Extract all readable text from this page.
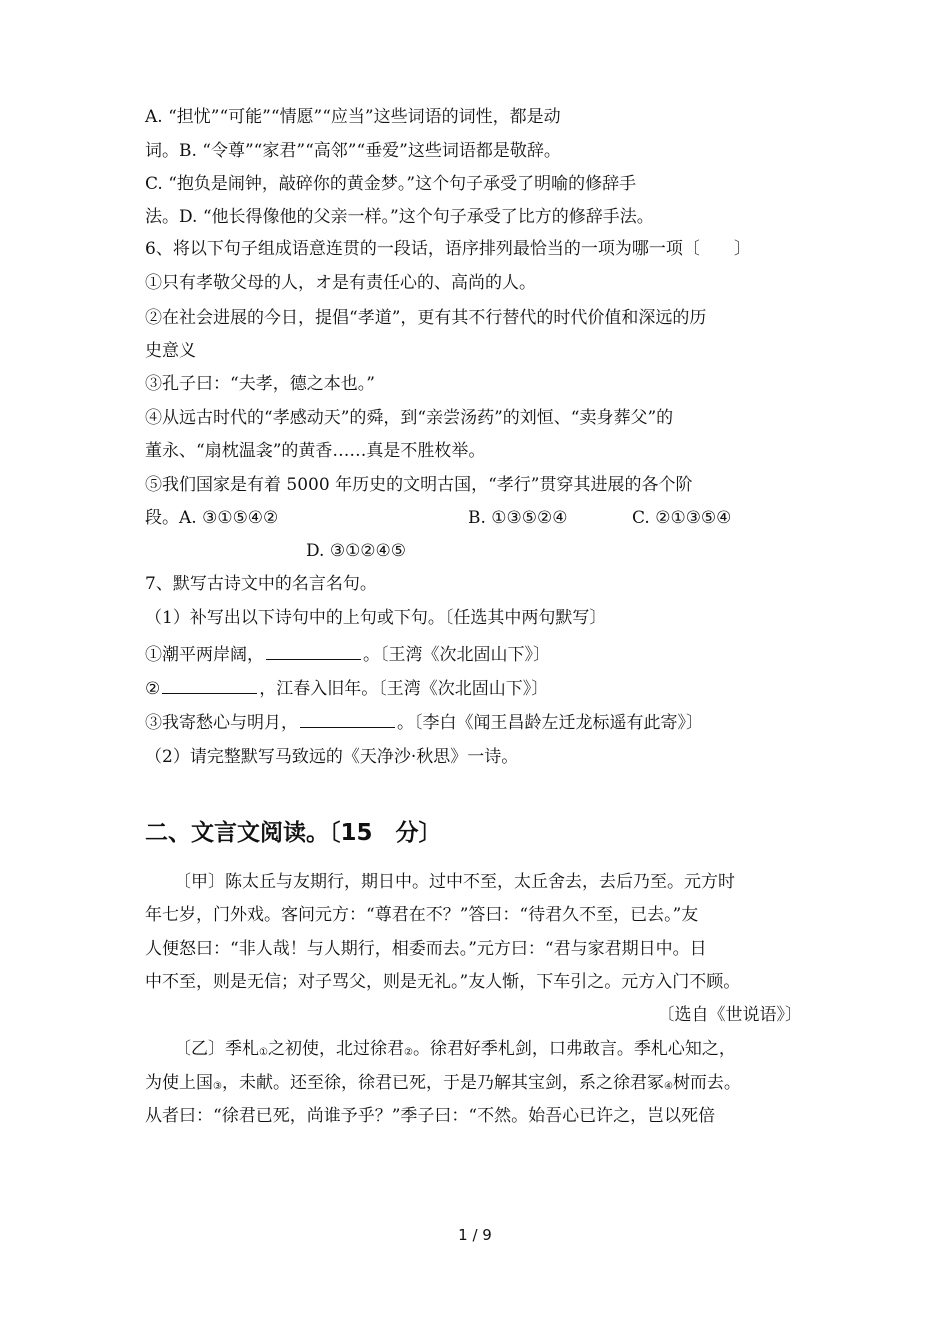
A. “担忧”“可能”“情愿”“应当”这些词语的词性，都是动
词。B. “令尊”“家君”“高邻”“垂爱”这些词语都是敬辞。
C. “抱负是闹钟，敲碎你的黄金梦。”这个句子承受了明喻的修辞手
法。D. “他长得像他的父亲一样。”这个句子承受了比方的修辞手法。
6、将以下句子组成语意连贯的一段话，语序排列最恰当的一项为哪一项〔　　〕
①只有孝敬父母的人，オ是有责任心的、高尚的人。
②在社会进展的今日，提倡“孝道”，更有其不行替代的时代价值和深远的历
史意义
③孔子曰：“夫孝，德之本也。”
④从远古时代的“孝感动天”的舜，到“亲尝汤药”的刘恒、“卖身葬父”的
董永、“扇枕温衾”的黄香……真是不胜枚举。
⑤我们国家是有着 5000 年历史的文明古国，“孝行”贯穿其进展的各个阶
段。A. ③①⑤④②	B. ①③⑤②④	C. ②①③⑤④
D. ③①②④⑤
7、默写古诗文中的名言名句。
（1）补写出以下诗句中的上句或下句。〔任选其中两句默写〕
①潮平两岸阔，	。〔王湾《次北固山下》〕
②	，江春入旧年。〔王湾《次北固山下》〕
③我寄愁心与明月，	。〔李白《闻王昌龄左迁龙标遥有此寄》〕
（2）请完整默写马致远的《天净沙·秋思》一诗。
二、文言文阅读。〔15　分〕
〔甲〕陈太丘与友期行，期日中。过中不至，太丘舍去，去后乃至。元方时
年七岁，门外戏。客问元方：“尊君在不？”答曰：“待君久不至，已去。”友
人便怒曰：“非人哉！与人期行，相委而去。”元方曰：“君与家君期日中。日
中不至，则是无信；对子骂父，则是无礼。”友人惭，下车引之。元方入门不顾。
〔选自《世说语》〕
〔乙〕季札$_①$之初使，北过徐君$_②$。徐君好季札剑，口弗敢言。季札心知之，
为使上国$_③$，未献。还至徐，徐君已死，于是乃解其宝剑，系之徐君冢$_④$树而去。
从者曰：“徐君已死，尚谁予乎？”季子曰：“不然。始吾心已许之，岂以死倍
1 / 9
